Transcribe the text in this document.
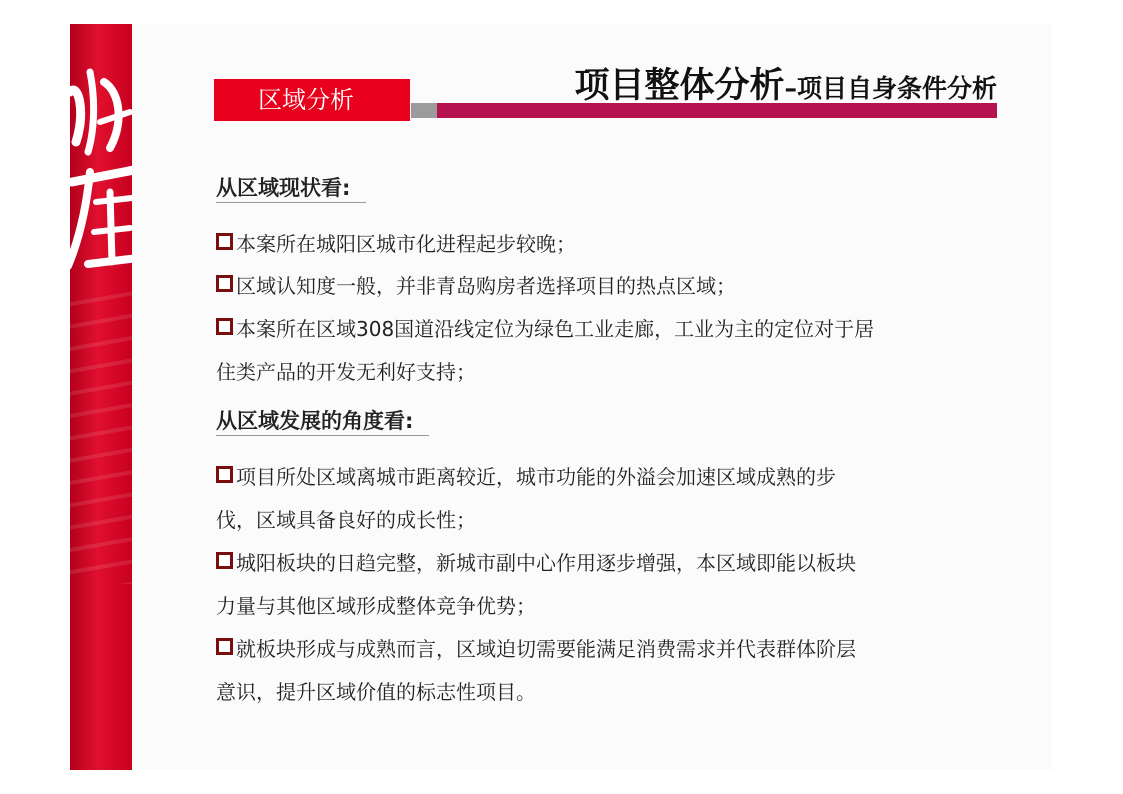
区域分析	项目整体分析–项目自身条件分析
从区域现状看:
本案所在城阳区城市化进程起步较晚；
区域认知度一般，并非青岛购房者选择项目的热点区域；
本案所在区域308国道沿线定位为绿色工业走廊，工业为主的定位对于居
住类产品的开发无利好支持；
从区域发展的角度看:
项目所处区域离城市距离较近，城市功能的外溢会加速区域成熟的步
伐，区域具备良好的成长性；
城阳板块的日趋完整，新城市副中心作用逐步增强，本区域即能以板块
力量与其他区域形成整体竞争优势；
就板块形成与成熟而言，区域迫切需要能满足消费需求并代表群体阶层
意识，提升区域价值的标志性项目。
